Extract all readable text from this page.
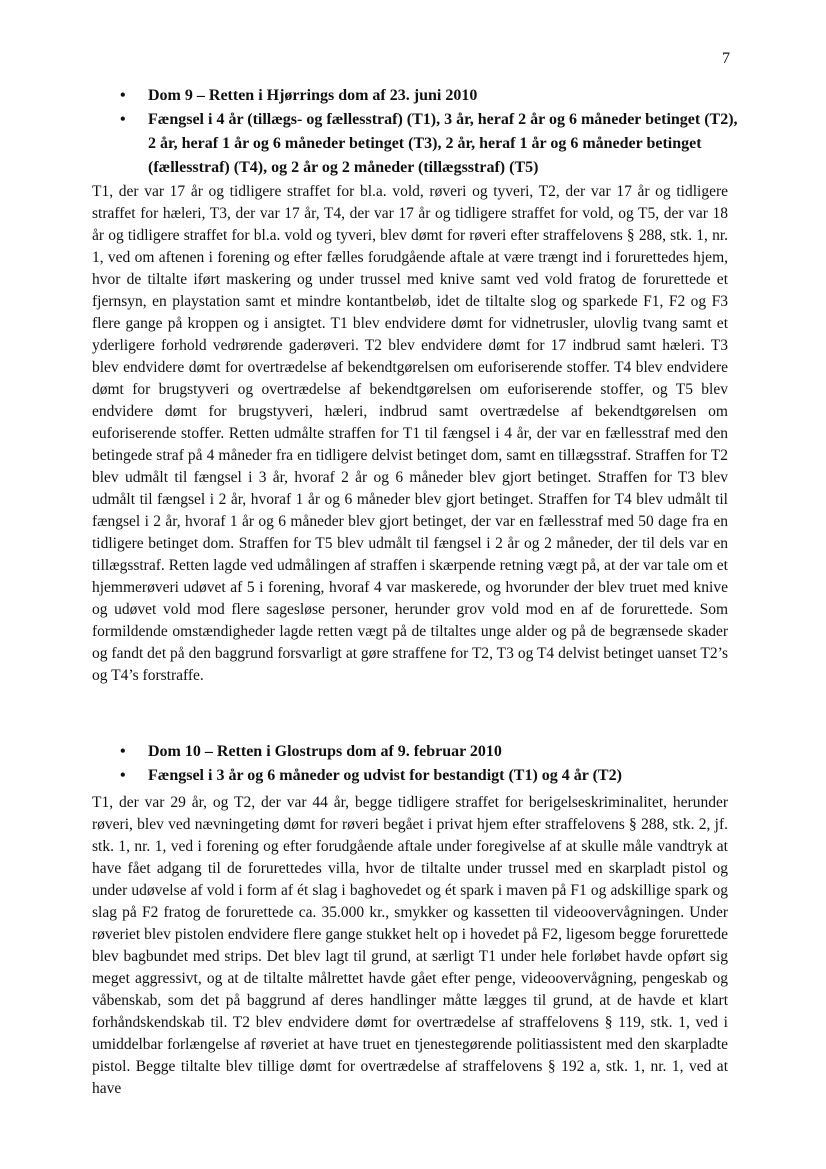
7
• Dom 9 – Retten i Hjørrings dom af 23. juni 2010
• Fængsel i 4 år (tillægs- og fællesstraf) (T1), 3 år, heraf 2 år og 6 måneder betinget (T2), 2 år, heraf 1 år og 6 måneder betinget (T3), 2 år, heraf 1 år og 6 måneder betinget (fællesstraf) (T4), og 2 år og 2 måneder (tillægsstraf) (T5)

T1, der var 17 år og tidligere straffet for bl.a. vold, røveri og tyveri, T2, der var 17 år og tidligere straffet for hæleri, T3, der var 17 år, T4, der var 17 år og tidligere straffet for vold, og T5, der var 18 år og tidligere straffet for bl.a. vold og tyveri, blev dømt for røveri efter straffelovens § 288, stk. 1, nr. 1, ved om aftenen i forening og efter fælles forudgående aftale at være trængt ind i forurettedes hjem, hvor de tiltalte iført maskering og under trussel med knive samt ved vold fratog de forurettede et fjernsyn, en playstation samt et mindre kontantbeløb, idet de tiltalte slog og sparkede F1, F2 og F3 flere gange på kroppen og i ansigtet. T1 blev endvidere dømt for vidnetrusler, ulovlig tvang samt et yderligere forhold vedrørende gaderøveri. T2 blev endvidere dømt for 17 indbrud samt hæleri. T3 blev endvidere dømt for overtrædelse af bekendtgørelsen om euforiserende stoffer. T4 blev endvidere dømt for brugstyveri og overtrædelse af bekendtgørelsen om euforiserende stoffer, og T5 blev endvidere dømt for brugstyveri, hæleri, indbrud samt overtrædelse af bekendtgørelsen om euforiserende stoffer. Retten udmålte straffen for T1 til fængsel i 4 år, der var en fællesstraf med den betingede straf på 4 måneder fra en tidligere delvist betinget dom, samt en tillægsstraf. Straffen for T2 blev udmålt til fængsel i 3 år, hvoraf 2 år og 6 måneder blev gjort betinget. Straffen for T3 blev udmålt til fængsel i 2 år, hvoraf 1 år og 6 måneder blev gjort betinget. Straffen for T4 blev udmålt til fængsel i 2 år, hvoraf 1 år og 6 måneder blev gjort betinget, der var en fællesstraf med 50 dage fra en tidligere betinget dom. Straffen for T5 blev udmålt til fængsel i 2 år og 2 måneder, der til dels var en tillægsstraf. Retten lagde ved udmålingen af straffen i skærpende retning vægt på, at der var tale om et hjemmerøveri udøvet af 5 i forening, hvoraf 4 var maskerede, og hvorunder der blev truet med knive og udøvet vold mod flere sagesløse personer, herunder grov vold mod en af de forurettede. Som formildende omstændigheder lagde retten vægt på de tiltaltes unge alder og på de begrænsede skader og fandt det på den baggrund forsvarligt at gøre straffene for T2, T3 og T4 delvist betinget uanset T2’s og T4’s forstraffe.

• Dom 10 – Retten i Glostrups dom af 9. februar 2010
• Fængsel i 3 år og 6 måneder og udvist for bestandigt (T1) og 4 år (T2)

T1, der var 29 år, og T2, der var 44 år, begge tidligere straffet for berigelseskriminalitet, herunder røveri, blev ved nævningeting dømt for røveri begået i privat hjem efter straffelovens § 288, stk. 2, jf. stk. 1, nr. 1, ved i forening og efter forudgående aftale under foregivelse af at skulle måle vandtryk at have fået adgang til de forurettedes villa, hvor de tiltalte under trussel med en skarpladt pistol og under udøvelse af vold i form af ét slag i baghovedet og ét spark i maven på F1 og adskillige spark og slag på F2 fratog de forurettede ca. 35.000 kr., smykker og kassetten til videoovervågningen. Under røveriet blev pistolen endvidere flere gange stukket helt op i hovedet på F2, ligesom begge forurettede blev bagbundet med strips. Det blev lagt til grund, at særligt T1 under hele forløbet havde opført sig meget aggressivt, og at de tiltalte målrettet havde gået efter penge, videoovervågning, pengeskab og våbenskab, som det på baggrund af deres handlinger måtte lægges til grund, at de havde et klart forhåndskendskab til. T2 blev endvidere dømt for overtrædelse af straffelovens § 119, stk. 1, ved i umiddelbar forlængelse af røveriet at have truet en tjenestegørende politiassistent med den skarpladte pistol. Begge tiltalte blev tillige dømt for overtrædelse af straffelovens § 192 a, stk. 1, nr. 1, ved at have
